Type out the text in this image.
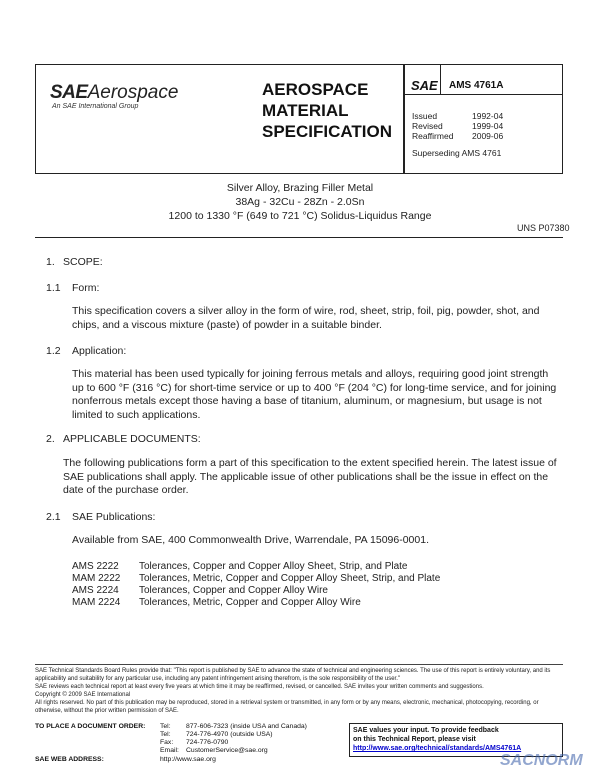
SAEAerospace
An SAE International Group
AEROSPACE
MATERIAL
SPECIFICATION
SAE AMS 4761A
Issued	1992-04
Revised	1999-04
Reaffirmed 2009-06
Superseding AMS 4761
Silver Alloy, Brazing Filler Metal
38Ag - 32Cu - 28Zn - 2.0Sn
1200 to 1330 °F (649 to 721 °C) Solidus-Liquidus Range
UNS P07380
1. SCOPE:
1.1 Form:
This specification covers a silver alloy in the form of wire, rod, sheet, strip, foil, pig, powder, shot, and chips, and a viscous mixture (paste) of powder in a suitable binder.
1.2 Application:
This material has been used typically for joining ferrous metals and alloys, requiring good joint strength up to 600 °F (316 °C) for short-time service or up to 400 °F (204 °C) for long-time service, and for joining nonferrous metals except those having a base of titanium, aluminum, or magnesium, but usage is not limited to such applications.
2. APPLICABLE DOCUMENTS:
The following publications form a part of this specification to the extent specified herein. The latest issue of SAE publications shall apply. The applicable issue of other publications shall be the issue in effect on the date of the purchase order.
2.1 SAE Publications:
Available from SAE, 400 Commonwealth Drive, Warrendale, PA 15096-0001.
AMS 2222 Tolerances, Copper and Copper Alloy Sheet, Strip, and Plate
MAM 2222 Tolerances, Metric, Copper and Copper Alloy Sheet, Strip, and Plate
AMS 2224 Tolerances, Copper and Copper Alloy Wire
MAM 2224 Tolerances, Metric, Copper and Copper Alloy Wire
SAE Technical Standards Board Rules provide that: "This report is published by SAE to advance the state of technical and engineering sciences. The use of this report is entirely voluntary, and its applicability and suitability for any particular use, including any patent infringement arising therefrom, is the sole responsibility of the user."
SAE reviews each technical report at least every five years at which time it may be reaffirmed, revised, or cancelled. SAE invites your written comments and suggestions.
Copyright © 2009 SAE International
All rights reserved. No part of this publication may be reproduced, stored in a retrieval system or transmitted, in any form or by any means, electronic, mechanical, photocopying, recording, or otherwise, without the prior written permission of SAE.
TO PLACE A DOCUMENT ORDER: Tel: 877-606-7323 (inside USA and Canada)
Tel: 724-776-4970 (outside USA)
Fax: 724-776-0790
Email: CustomerService@sae.org
SAE WEB ADDRESS:	http://www.sae.org
SAE values your input. To provide feedback
on this Technical Report, please visit
http://www.sae.org/technical/standards/AMS4761A
SACNORM
